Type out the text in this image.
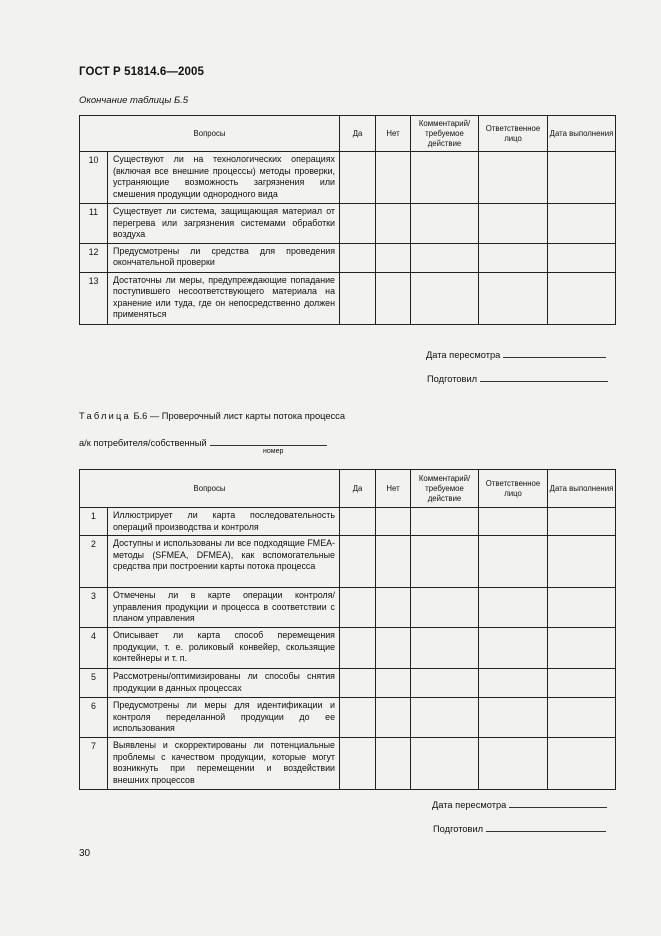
ГОСТ Р 51814.6—2005
Окончание таблицы Б.5
Вопросы		Да	Нет	Комментарий/ требуемое действие	Ответственное лицо	Дата выполнения
10	Существуют ли на технологических операциях (включая все внешние процессы) методы проверки, устраняющие возможность загрязнения или смешения продукции однородного вида					
11	Существует ли система, защищающая материал от перегрева или загрязнения системами обработки воздуха					
12	Предусмотрены ли средства для проведения окончательной проверки					
13	Достаточны ли меры, предупреждающие попадание поступившего несоответствующего материала на хранение или туда, где он непосредственно должен применяться					
Дата пересмотра
Подготовил
Таблица Б.6 — Проверочный лист карты потока процесса
а/к потребителя/собственный
номер
Вопросы		Да	Нет	Комментарий/ требуемое действие	Ответственное лицо	Дата выполнения
1	Иллюстрирует ли карта последовательность операций производства и контроля					
2	Доступны и использованы ли все подходящие FMEA-методы (SFMEA, DFMEA), как вспомогательные средства при построении карты потока процесса					
3	Отмечены ли в карте операции контроля/ управления продукции и процесса в соответствии с планом управления					
4	Описывает ли карта способ перемещения продукции, т. е. роликовый конвейер, скользящие контейнеры и т. п.					
5	Рассмотрены/оптимизированы ли способы снятия продукции в данных процессах					
6	Предусмотрены ли меры для идентификации и контроля переделанной продукции до ее использования					
7	Выявлены и скорректированы ли потенциальные проблемы с качеством продукции, которые могут возникнуть при перемещении и воздействии внешних процессов					
Дата пересмотра
Подготовил
30
